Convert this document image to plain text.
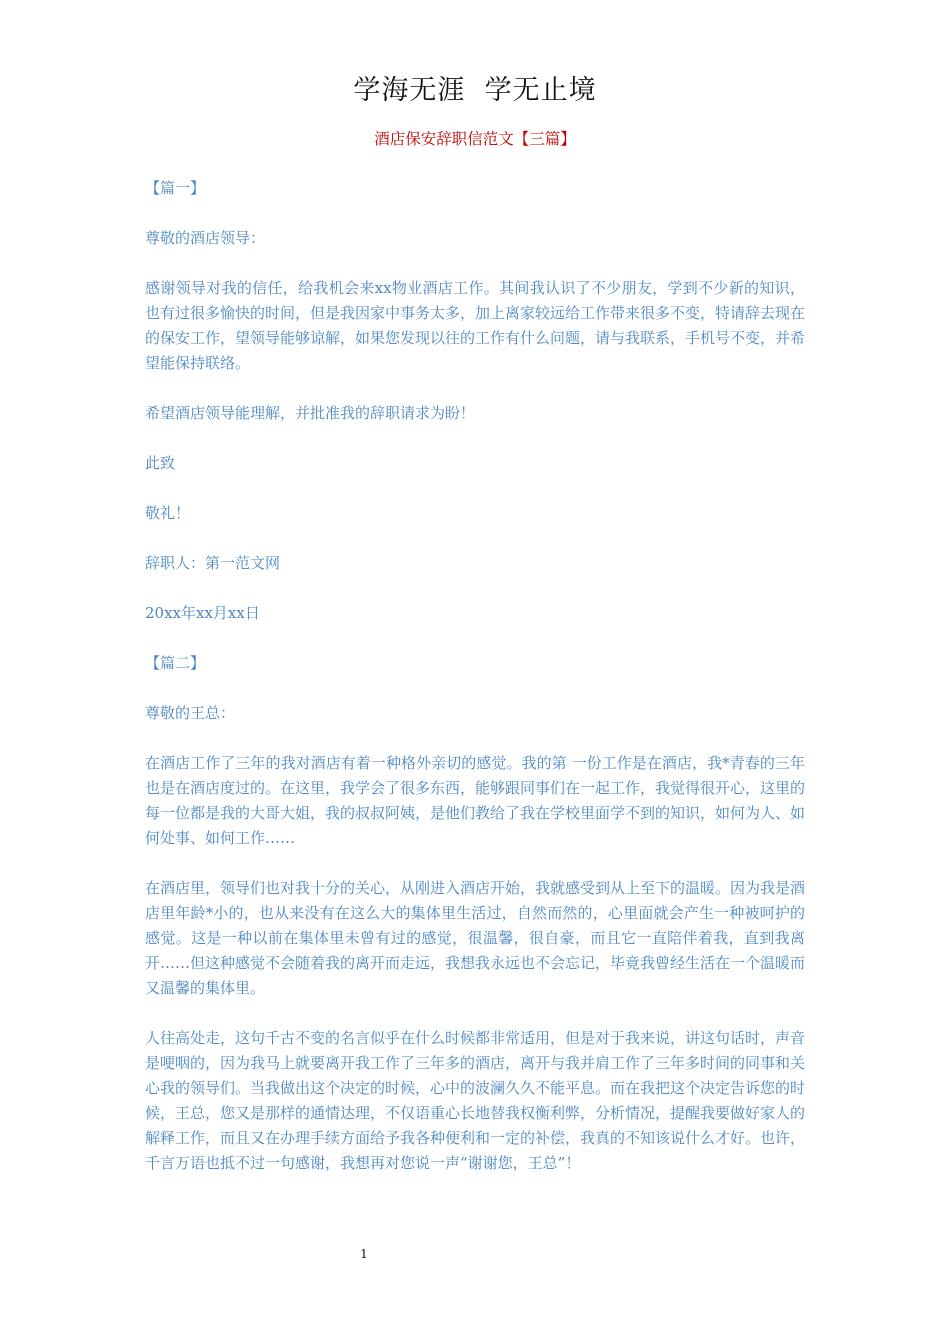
学海无涯  学无止境
酒店保安辞职信范文【三篇】

【篇一】

尊敬的酒店领导：

感谢领导对我的信任，给我机会来xx物业酒店工作。其间我认识了不少朋友，学到不少新的知识，也有过很多愉快的时间，但是我因家中事务太多，加上离家较远给工作带来很多不变，特请辞去现在的保安工作，望领导能够谅解，如果您发现以往的工作有什么问题，请与我联系，手机号不变，并希望能保持联络。

希望酒店领导能理解，并批准我的辞职请求为盼！

此致

敬礼！

辞职人：第一范文网

20xx年xx月xx日

【篇二】

尊敬的王总：

在酒店工作了三年的我对酒店有着一种格外亲切的感觉。我的第 一份工作是在酒店，我*青春的三年也是在酒店度过的。在这里，我学会了很多东西，能够跟同事们在一起工作，我觉得很开心，这里的每一位都是我的大哥大姐，我的叔叔阿姨，是他们教给了我在学校里面学不到的知识，如何为人、如何处事、如何工作……

在酒店里，领导们也对我十分的关心，从刚进入酒店开始，我就感受到从上至下的温暖。因为我是酒店里年龄*小的，也从来没有在这么大的集体里生活过，自然而然的，心里面就会产生一种被呵护的感觉。这是一种以前在集体里未曾有过的感觉，很温馨，很自豪，而且它一直陪伴着我，直到我离开……但这种感觉不会随着我的离开而走远，我想我永远也不会忘记，毕竟我曾经生活在一个温暖而又温馨的集体里。

人往高处走，这句千古不变的名言似乎在什么时候都非常适用，但是对于我来说，讲这句话时，声音是哽咽的，因为我马上就要离开我工作了三年多的酒店，离开与我并肩工作了三年多时间的同事和关心我的领导们。当我做出这个决定的时候，心中的波澜久久不能平息。而在我把这个决定告诉您的时候，王总，您又是那样的通情达理，不仅语重心长地替我权衡利弊，分析情况，提醒我要做好家人的解释工作，而且又在办理手续方面给予我各种便利和一定的补偿，我真的不知该说什么才好。也许，千言万语也抵不过一句感谢，我想再对您说一声“谢谢您，王总”！

1
